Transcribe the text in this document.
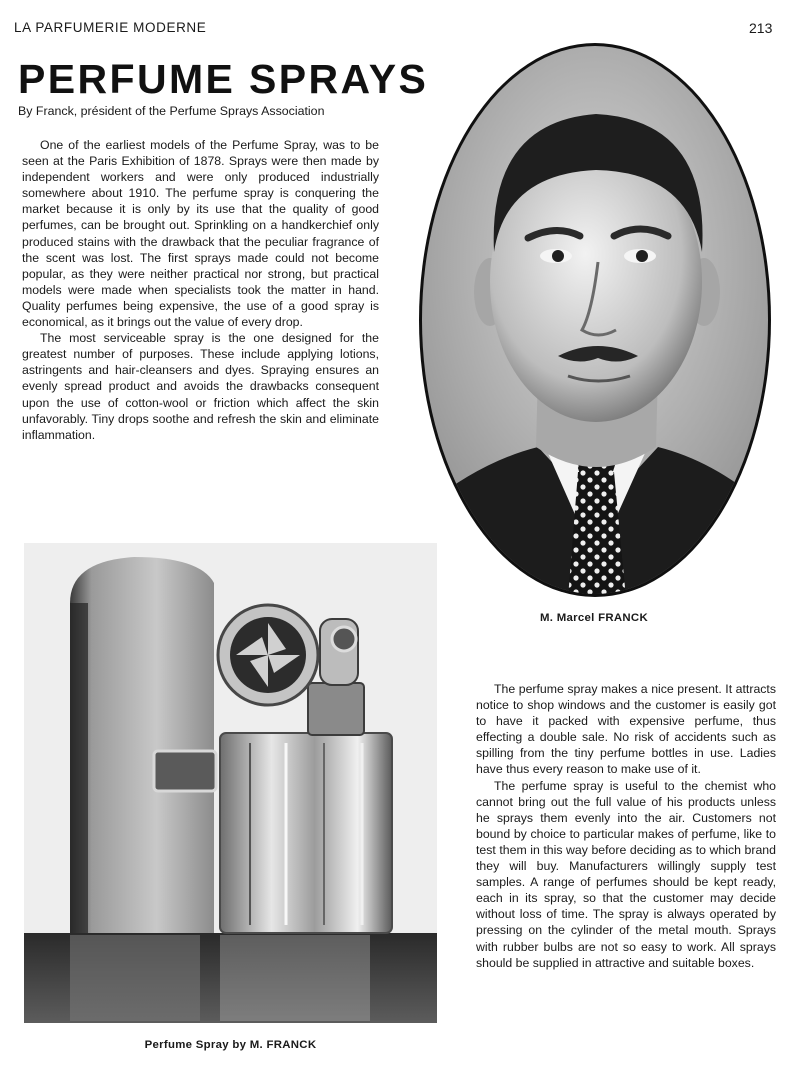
LA PARFUMERIE MODERNE	213

PERFUME SPRAYS

By Franck, président of the Perfume Sprays Association

One of the earliest models of the Perfume Spray, was to be seen at the Paris Exhibition of 1878. Sprays were then made by independent workers and were only produced industrially somewhere about 1910. The perfume spray is conquering the market because it is only by its use that the quality of good perfumes, can be brought out. Sprinkling on a handkerchief only produced stains with the drawback that the peculiar fragrance of the scent was lost. The first sprays made could not become popular, as they were neither practical nor strong, but practical models were made when specialists took the matter in hand. Quality perfumes being expensive, the use of a good spray is economical, as it brings out the value of every drop.

The most serviceable spray is the one designed for the greatest number of purposes. These include applying lotions, astringents and hair-cleansers and dyes. Spraying ensures an evenly spread product and avoids the drawbacks consequent upon the use of cotton-wool or friction which affect the skin unfavorably. Tiny drops soothe and refresh the skin and eliminate inflammation.

M. Marcel FRANCK

Perfume Spray by M. FRANCK

The perfume spray makes a nice present. It attracts notice to shop windows and the customer is easily got to have it packed with expensive perfume, thus effecting a double sale. No risk of accidents such as spilling from the tiny perfume bottles in use. Ladies have thus every reason to make use of it.

The perfume spray is useful to the chemist who cannot bring out the full value of his products unless he sprays them evenly into the air. Customers not bound by choice to particular makes of perfume, like to test them in this way before deciding as to which brand they will buy. Manufacturers willingly supply test samples. A range of perfumes should be kept ready, each in its spray, so that the customer may decide without loss of time. The spray is always operated by pressing on the cylinder of the metal mouth. Sprays with rubber bulbs are not so easy to work. All sprays should be supplied in attractive and suitable boxes.
